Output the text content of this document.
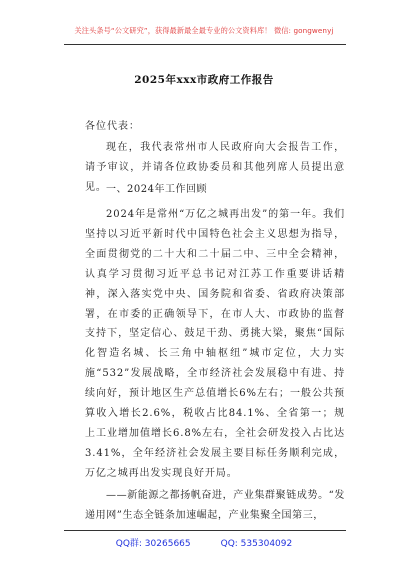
关注头条号“公文研究”，获得最新最全最专业的公文资料库！ 微信: gongwenyj
2025年xxx市政府工作报告
各位代表：
现在，我代表常州市人民政府向大会报告工作，请予审议，并请各位政协委员和其他列席人员提出意见。 一、2024年工作回顾
2024年是常州“万亿之城再出发”的第一年。我们坚持以习近平新时代中国特色社会主义思想为指导，全面贯彻党的二十大和二十届二中、三中全会精神，认真学习贯彻习近平总书记对江苏工作重要讲话精神，深入落实党中央、国务院和省委、省政府决策部署，在市委的正确领导下，在市人大、市政协的监督支持下，坚定信心、鼓足干劲、勇挑大梁，聚焦“国际化智造名城、长三角中轴枢纽”城市定位，大力实施“532”发展战略，全市经济社会发展稳中有进、持续向好，预计地区生产总值增长6%左右；一般公共预算收入增长2.6%，税收占比84.1%、全省第一；规上工业增加值增长6.8%左右，全社会研发投入占比达3.41%，全年经济社会发展主要目标任务顺利完成，万亿之城再出发实现良好开局。
——新能源之都扬帆奋进，产业集群聚链成势。“发递用网”生态全链条加速崛起，产业集聚全国第三，
QQ群: 30265665	QQ: 535304092
